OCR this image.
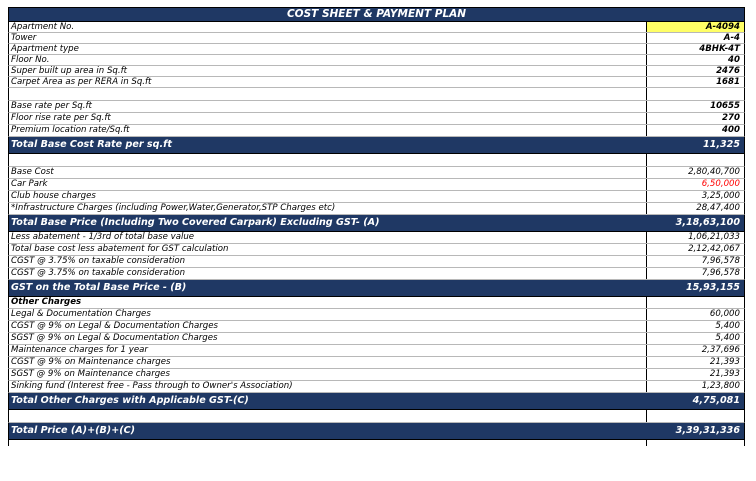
COST SHEET & PAYMENT PLAN
Apartment No.	A-4094
Tower	A-4
Apartment type	4BHK-4T
Floor No.	40
Super built up area in Sq.ft	2476
Carpet Area as per RERA in Sq.ft	1681
Base rate per Sq.ft	10655
Floor rise rate per Sq.ft	270
Premium location rate/Sq.ft	400
Total Base Cost Rate per sq.ft	11,325
Base Cost	2,80,40,700
Car Park	6,50,000
Club house charges	3,25,000
*Infrastructure Charges (including Power,Water,Generator,STP Charges etc)	28,47,400
Total Base Price (Including Two Covered Carpark) Excluding GST- (A)	3,18,63,100
Less abatement - 1/3rd of total base value	1,06,21,033
Total base cost less abatement for GST calculation	2,12,42,067
CGST @ 3.75% on taxable consideration	7,96,578
CGST @ 3.75% on taxable consideration	7,96,578
GST on the Total Base Price - (B)	15,93,155
Other Charges
Legal & Documentation Charges	60,000
CGST @ 9% on Legal & Documentation Charges	5,400
SGST @ 9% on Legal & Documentation Charges	5,400
Maintenance charges for 1 year	2,37,696
CGST @ 9% on Maintenance charges	21,393
SGST @ 9% on Maintenance charges	21,393
Sinking fund (Interest free - Pass through to Owner's Association)	1,23,800
Total Other Charges with Applicable GST-(C)	4,75,081
Total Price (A)+(B)+(C)	3,39,31,336
